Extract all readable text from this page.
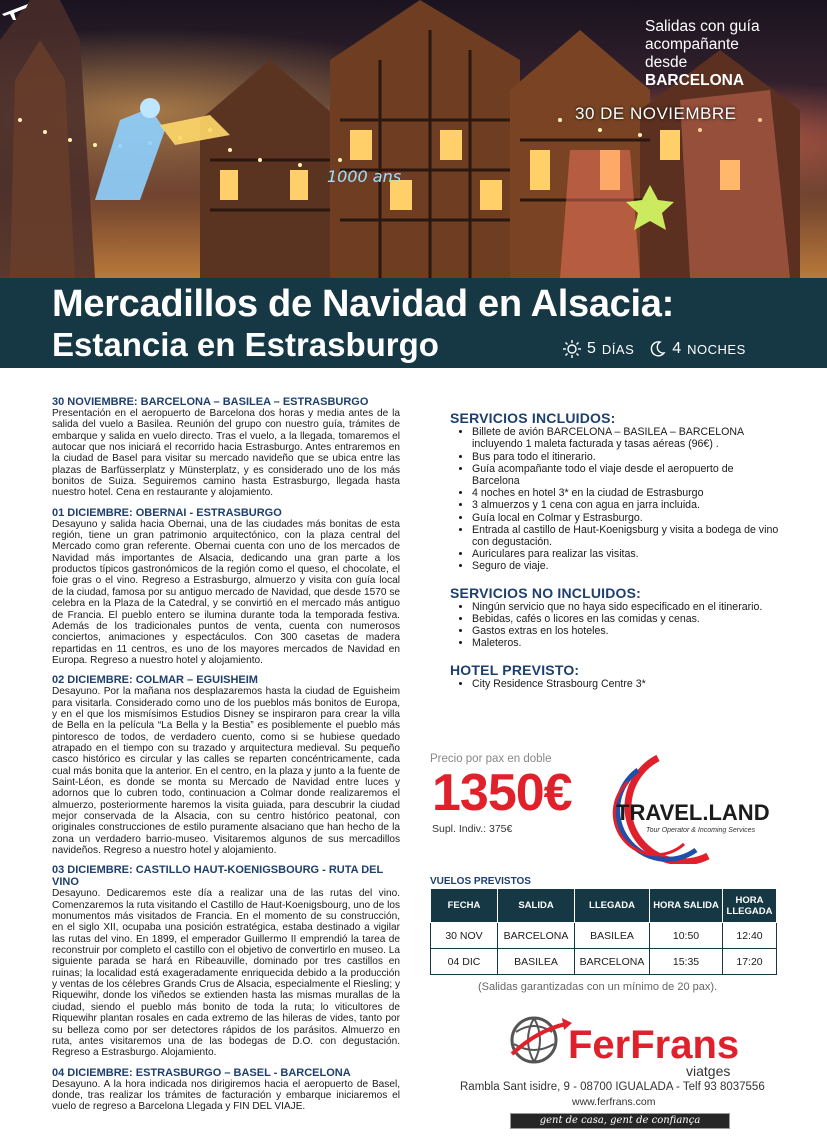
1000 ans
Salidas con guía
acompañante
desde
BARCELONA
30 DE NOVIEMBRE
Mercadillos de Navidad en Alsacia:
Estancia en Estrasburgo	5 DÍAS 4 NOCHES
30 NOVIEMBRE: BARCELONA – BASILEA – ESTRASBURGO

Presentación en el aeropuerto de Barcelona dos horas y media antes de la salida del vuelo a Basilea. Reunión del grupo con nuestro guía, trámites de embarque y salida en vuelo directo. Tras el vuelo, a la llegada, tomaremos el autocar que nos iniciará el recorrido hacia Estrasburgo. Antes entraremos en la ciudad de Basel para visitar su mercado navideño que se ubica entre las plazas de Barfüsserplatz y Münsterplatz, y es considerado uno de los más bonitos de Suiza. Seguiremos camino hasta Estrasburgo, llegada hasta nuestro hotel. Cena en restaurante y alojamiento.

01 DICIEMBRE: OBERNAI - ESTRASBURGO

Desayuno y salida hacia Obernai, una de las ciudades más bonitas de esta región, tiene un gran patrimonio arquitectónico, con la plaza central del Mercado como gran referente. Obernai cuenta con uno de los mercados de Navidad más importantes de Alsacia, dedicando una gran parte a los productos típicos gastronómicos de la región como el queso, el chocolate, el foie gras o el vino. Regreso a Estrasburgo, almuerzo y visita con guía local de la ciudad, famosa por su antiguo mercado de Navidad, que desde 1570 se celebra en la Plaza de la Catedral, y se convirtió en el mercado más antiguo de Francia. El pueblo entero se ilumina durante toda la temporada festiva. Además de los tradicionales puntos de venta, cuenta con numerosos conciertos, animaciones y espectáculos. Con 300 casetas de madera repartidas en 11 centros, es uno de los mayores mercados de Navidad en Europa. Regreso a nuestro hotel y alojamiento.

02 DICIEMBRE: COLMAR – EGUISHEIM

Desayuno. Por la mañana nos desplazaremos hasta la ciudad de Eguisheim para visitarla. Considerado como uno de los pueblos más bonitos de Europa, y en el que los mismísimos Estudios Disney se inspiraron para crear la villa de Bella en la película “La Bella y la Bestia” es posiblemente el pueblo más pintoresco de todos, de verdadero cuento, como si se hubiese quedado atrapado en el tiempo con su trazado y arquitectura medieval. Su pequeño casco histórico es circular y las calles se reparten concéntricamente, cada cual más bonita que la anterior. En el centro, en la plaza y junto a la fuente de Saint-Léon, es donde se monta su Mercado de Navidad entre luces y adornos que lo cubren todo, continuacion a Colmar donde realizaremos el almuerzo, posteriormente haremos la visita guiada, para descubrir la ciudad mejor conservada de la Alsacia, con su centro histórico peatonal, con originales construcciones de estilo puramente alsaciano que han hecho de la zona un verdadero barrio-museo. Visitaremos algunos de sus mercadillos navideños. Regreso a nuestro hotel y alojamiento.

03 DICIEMBRE: CASTILLO HAUT-KOENIGSBOURG - RUTA DEL VINO

Desayuno. Dedicaremos este día a realizar una de las rutas del vino. Comenzaremos la ruta visitando el Castillo de Haut-Koenigsbourg, uno de los monumentos más visitados de Francia. En el momento de su construcción, en el siglo XII, ocupaba una posición estratégica, estaba destinado a vigilar las rutas del vino. En 1899, el emperador Guillermo II emprendió la tarea de reconstruir por completo el castillo con el objetivo de convertirlo en museo. La siguiente parada se hará en Ribeauville, dominado por tres castillos en ruinas; la localidad está exageradamente enriquecida debido a la producción y ventas de los célebres Grands Crus de Alsacia, especialmente el Riesling; y Riquewihr, donde los viñedos se extienden hasta las mismas murallas de la ciudad, siendo el pueblo más bonito de toda la ruta; lo viticultores de Riquewihr plantan rosales en cada extremo de las hileras de vides, tanto por su belleza como por ser detectores rápidos de los parásitos. Almuerzo en ruta, antes visitaremos una de las bodegas de D.O. con degustación. Regreso a Estrasburgo. Alojamiento.

04 DICIEMBRE: ESTRASBURGO – BASEL - BARCELONA

Desayuno. A la hora indicada nos dirigiremos hacia el aeropuerto de Basel, donde, tras realizar los trámites de facturación y embarque iniciaremos el vuelo de regreso a Barcelona Llegada y FIN DEL VIAJE.

SERVICIOS INCLUIDOS:
• Billete de avión BARCELONA – BASILEA – BARCELONA incluyendo 1 maleta facturada y tasas aéreas (96€) .
• Bus para todo el itinerario.
• Guía acompañante todo el viaje desde el aeropuerto de Barcelona
• 4 noches en hotel 3* en la ciudad de Estrasburgo
• 3 almuerzos y 1 cena con agua en jarra incluida.
• Guía local en Colmar y Estrasburgo.
• Entrada al castillo de Haut-Koenigsburg y visita a bodega de vino con degustación.
• Auriculares para realizar las visitas.
• Seguro de viaje.
SERVICIOS NO INCLUIDOS:
• Ningún servicio que no haya sido especificado en el itinerario.
• Bebidas, cafés o licores en las comidas y cenas.
• Gastos extras en los hoteles.
• Maleteros.
HOTEL PREVISTO:
• City Residence Strasbourg Centre 3*
Precio por pax en doble
1350€
Supl. Indiv.: 375€
TRAVEL.LAND
Tour Operator & Incoming Services
VUELOS PREVISTOS
FECHA	SALIDA	LLEGADA	HORA SALIDA	HORA LLEGADA
30 NOV	BARCELONA	BASILEA	10:50	12:40
04 DIC	BASILEA	BARCELONA	15:35	17:20
(Salidas garantizadas con un mínimo de 20 pax).
FerFrans
viatges
Rambla Sant isidre, 9 - 08700 IGUALADA - Telf 93 8037556
www.ferfrans.com
gent de casa, gent de confiança
